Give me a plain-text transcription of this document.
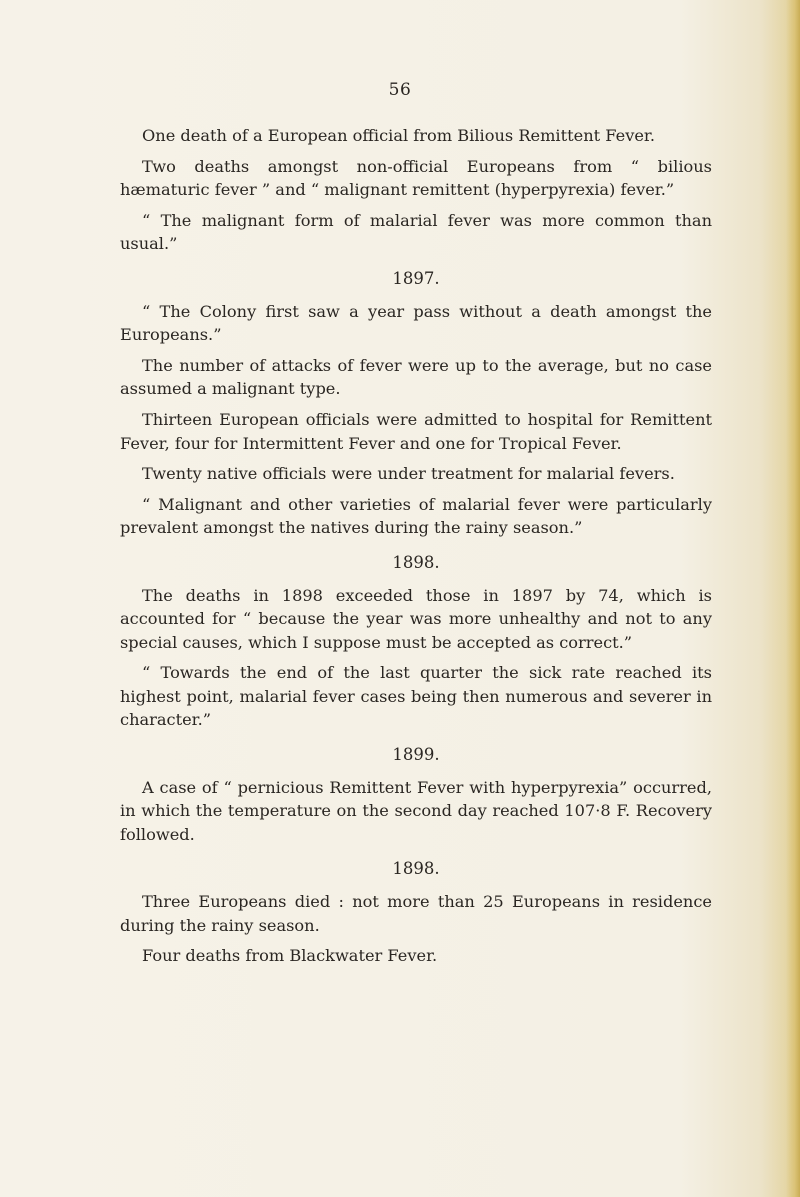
56

One death of a European official from Bilious Remittent Fever.

Two deaths amongst non-official Europeans from “ bilious hæmaturic fever ” and “ malignant remittent (hyperpyrexia) fever.”

“ The malignant form of malarial fever was more common than usual.”

1897.

“ The Colony first saw a year pass without a death amongst the Europeans.”

The number of attacks of fever were up to the average, but no case assumed a malignant type.

Thirteen European officials were admitted to hospital for Remittent Fever, four for Intermittent Fever and one for Tropical Fever.

Twenty native officials were under treatment for malarial fevers.

“ Malignant and other varieties of malarial fever were particularly prevalent amongst the natives during the rainy season.”

1898.

The deaths in 1898 exceeded those in 1897 by 74, which is accounted for “ because the year was more unhealthy and not to any special causes, which I suppose must be accepted as correct.”

“ Towards the end of the last quarter the sick rate reached its highest point, malarial fever cases being then numerous and severer in character.”

1899.

A case of “ pernicious Remittent Fever with hyperpyrexia” occurred, in which the temperature on the second day reached 107·8 F. Recovery followed.

1898.

Three Europeans died : not more than 25 Europeans in residence during the rainy season.

Four deaths from Blackwater Fever.
